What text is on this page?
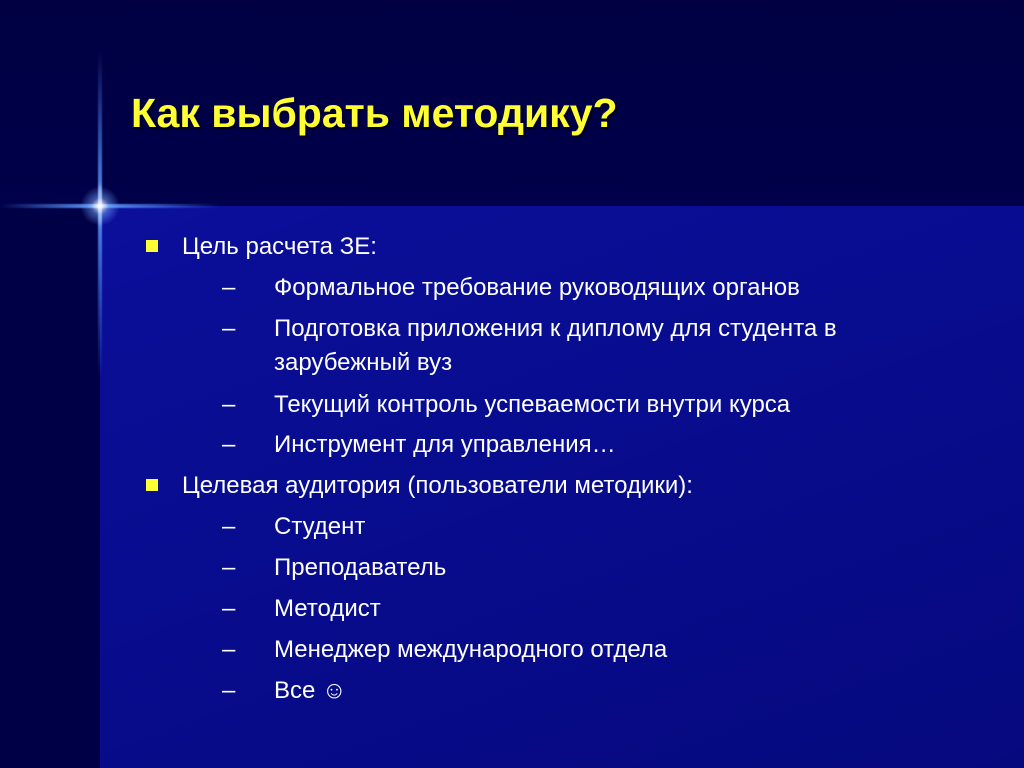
Как выбрать методику?
Цель расчета ЗЕ:
–	Формальное требование руководящих органов
–	Подготовка приложения к диплому для студента в зарубежный вуз
–	Текущий контроль успеваемости внутри курса
–	Инструмент для управления…
Целевая аудитория (пользователи методики):
–	Студент
–	Преподаватель
–	Методист
–	Менеджер международного отдела
–	Все ☺
